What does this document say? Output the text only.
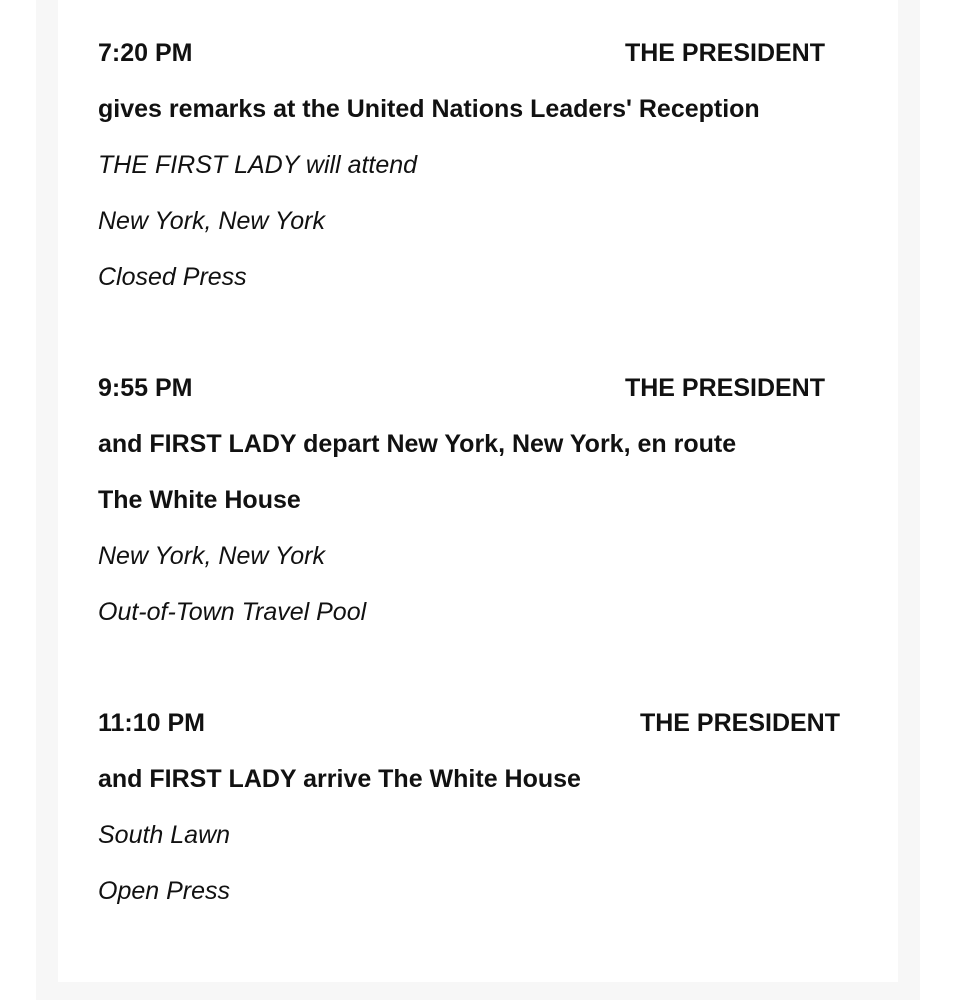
7:20 PM	THE PRESIDENT
gives remarks at the United Nations Leaders' Reception
THE FIRST LADY will attend
New York, New York
Closed Press
9:55 PM	THE PRESIDENT
and FIRST LADY depart New York, New York, en route
The White House
New York, New York
Out-of-Town Travel Pool
11:10 PM	THE PRESIDENT
and FIRST LADY arrive The White House
South Lawn
Open Press
